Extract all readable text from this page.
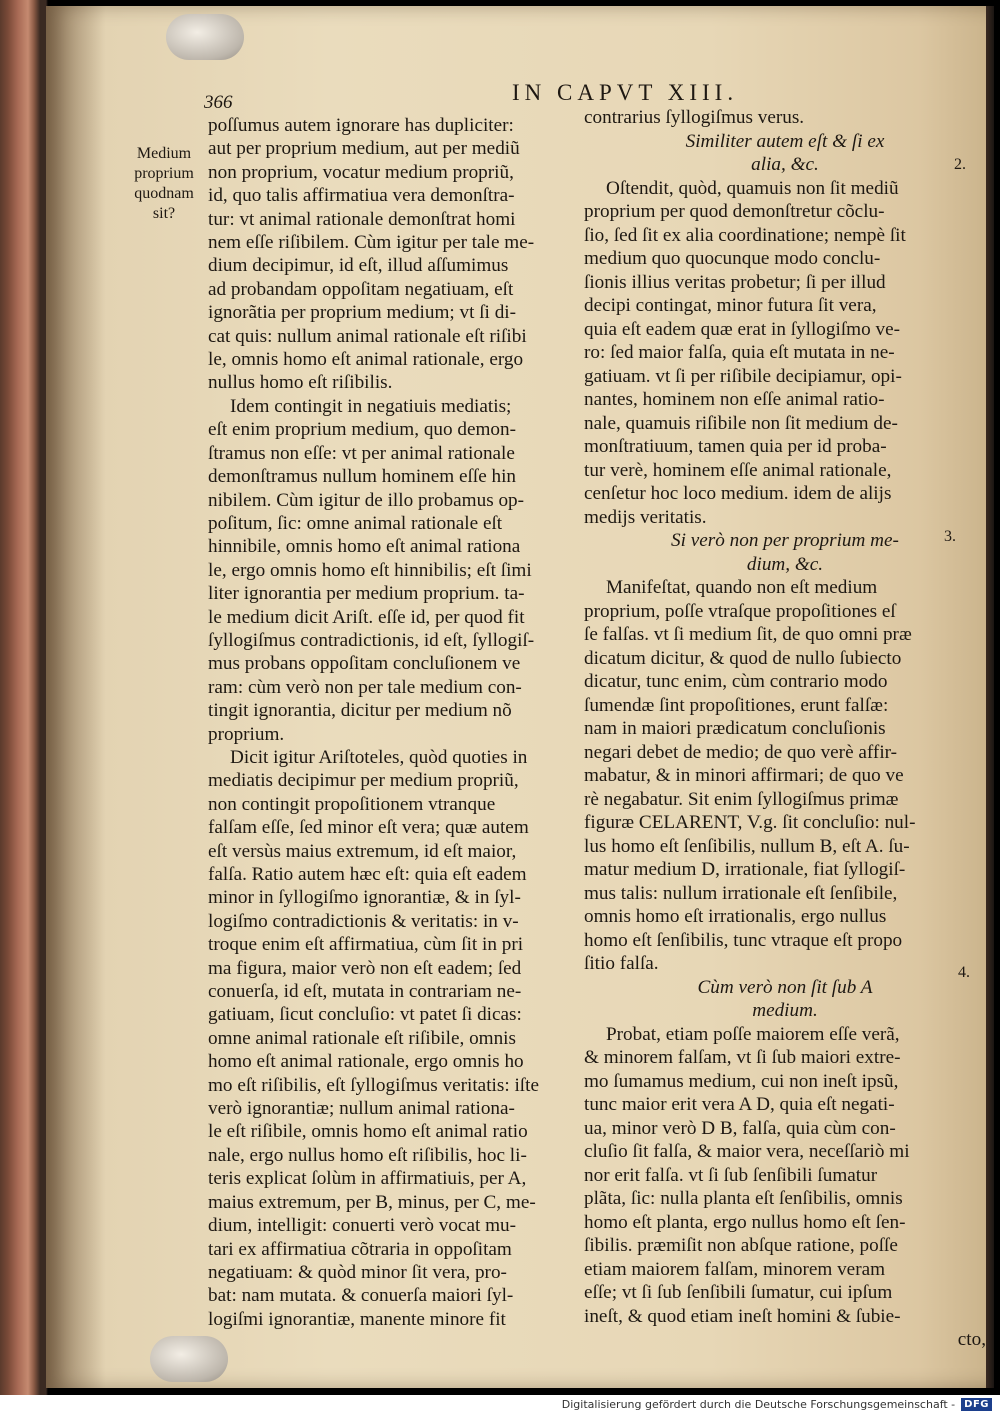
366	IN CAPVT XIII.
Medium
proprium
quodnam
sit?
poſſumus autem ignorare has dupliciter:
aut per proprium medium, aut per mediũ
non proprium, vocatur medium propriũ,
id, quo talis affirmatiua vera demonſtra-
tur: vt animal rationale demonſtrat homi
nem eſſe riſibilem. Cùm igitur per tale me-
dium decipimur, id eſt, illud aſſumimus
ad probandam oppoſitam negatiuam, eſt
ignorãtia per proprium medium; vt ſi di-
cat quis: nullum animal rationale eſt riſibi
le, omnis homo eſt animal rationale, ergo
nullus homo eſt riſibilis.
Idem contingit in negatiuis mediatis;
eſt enim proprium medium, quo demon-
ſtramus non eſſe: vt per animal rationale
demonſtramus nullum hominem eſſe hin
nibilem. Cùm igitur de illo probamus op-
poſitum, ſic: omne animal rationale eſt
hinnibile, omnis homo eſt animal rationa
le, ergo omnis homo eſt hinnibilis; eſt ſimi
liter ignorantia per medium proprium. ta-
le medium dicit Ariſt. eſſe id, per quod fit
ſyllogiſmus contradictionis, id eſt, ſyllogiſ-
mus probans oppoſitam concluſionem ve
ram: cùm verò non per tale medium con-
tingit ignorantia, dicitur per medium nõ
proprium.
Dicit igitur Ariſtoteles, quòd quoties in
mediatis decipimur per medium propriũ,
non contingit propoſitionem vtranque
falſam eſſe, ſed minor eſt vera; quæ autem
eſt versùs maius extremum, id eſt maior,
falſa. Ratio autem hæc eſt: quia eſt eadem
minor in ſyllogiſmo ignorantiæ, & in ſyl-
logiſmo contradictionis & veritatis: in v-
troque enim eſt affirmatiua, cùm ſit in pri
ma figura, maior verò non eſt eadem; ſed
conuerſa, id eſt, mutata in contrariam ne-
gatiuam, ſicut concluſio: vt patet ſi dicas:
omne animal rationale eſt riſibile, omnis
homo eſt animal rationale, ergo omnis ho
mo eſt riſibilis, eſt ſyllogiſmus veritatis: iſte
verò ignorantiæ; nullum animal rationa-
le eſt riſibile, omnis homo eſt animal ratio
nale, ergo nullus homo eſt riſibilis, hoc li-
teris explicat ſolùm in affirmatiuis, per A,
maius extremum, per B, minus, per C, me-
dium, intelligit: conuerti verò vocat mu-
tari ex affirmatiua cõtraria in oppoſitam
negatiuam: & quòd minor ſit vera, pro-
bat: nam mutata. & conuerſa maiori ſyl-
logiſmi ignorantiæ, manente minore fit
contrarius ſyllogiſmus verus.
Similiter autem eſt & ſi ex
alia, &c.
Oſtendit, quòd, quamuis non ſit mediũ
proprium per quod demonſtretur cõclu-
ſio, ſed ſit ex alia coordinatione; nempè ſit
medium quo quocunque modo conclu-
ſionis illius veritas probetur; ſi per illud
decipi contingat, minor futura ſit vera,
quia eſt eadem quæ erat in ſyllogiſmo ve-
ro: ſed maior falſa, quia eſt mutata in ne-
gatiuam. vt ſi per riſibile decipiamur, opi-
nantes, hominem non eſſe animal ratio-
nale, quamuis riſibile non ſit medium de-
monſtratiuum, tamen quia per id proba-
tur verè, hominem eſſe animal rationale,
cenſetur hoc loco medium. idem de alijs
medijs veritatis.
Si verò non per proprium me-
dium, &c.
Manifeſtat, quando non eſt medium
proprium, poſſe vtraſque propoſitiones eſ
ſe falſas. vt ſi medium ſit, de quo omni præ
dicatum dicitur, & quod de nullo ſubiecto
dicatur, tunc enim, cùm contrario modo
ſumendæ ſint propoſitiones, erunt falſæ:
nam in maiori prædicatum concluſionis
negari debet de medio; de quo verè affir-
mabatur, & in minori affirmari; de quo ve
rè negabatur. Sit enim ſyllogiſmus primæ
figuræ CELARENT, V.g. ſit concluſio: nul-
lus homo eſt ſenſibilis, nullum B, eſt A. ſu-
matur medium D, irrationale, fiat ſyllogiſ-
mus talis: nullum irrationale eſt ſenſibile,
omnis homo eſt irrationalis, ergo nullus
homo eſt ſenſibilis, tunc vtraque eſt propo
ſitio falſa.
Cùm verò non ſit ſub A
medium.
Probat, etiam poſſe maiorem eſſe verã,
& minorem falſam, vt ſi ſub maiori extre-
mo ſumamus medium, cui non ineſt ipsũ,
tunc maior erit vera A D, quia eſt negati-
ua, minor verò D B, falſa, quia cùm con-
cluſio ſit falſa, & maior vera, neceſſariò mi
nor erit falſa. vt ſi ſub ſenſibili ſumatur
plãta, ſic: nulla planta eſt ſenſibilis, omnis
homo eſt planta, ergo nullus homo eſt ſen-
ſibilis. præmiſit non abſque ratione, poſſe
etiam maiorem falſam, minorem veram
eſſe; vt ſi ſub ſenſibili ſumatur, cui ipſum
ineſt, & quod etiam ineſt homini & ſubie-
cto,
2.
3.
4.
Digitalisierung gefördert durch die Deutsche Forschungsgemeinschaft - DFG
